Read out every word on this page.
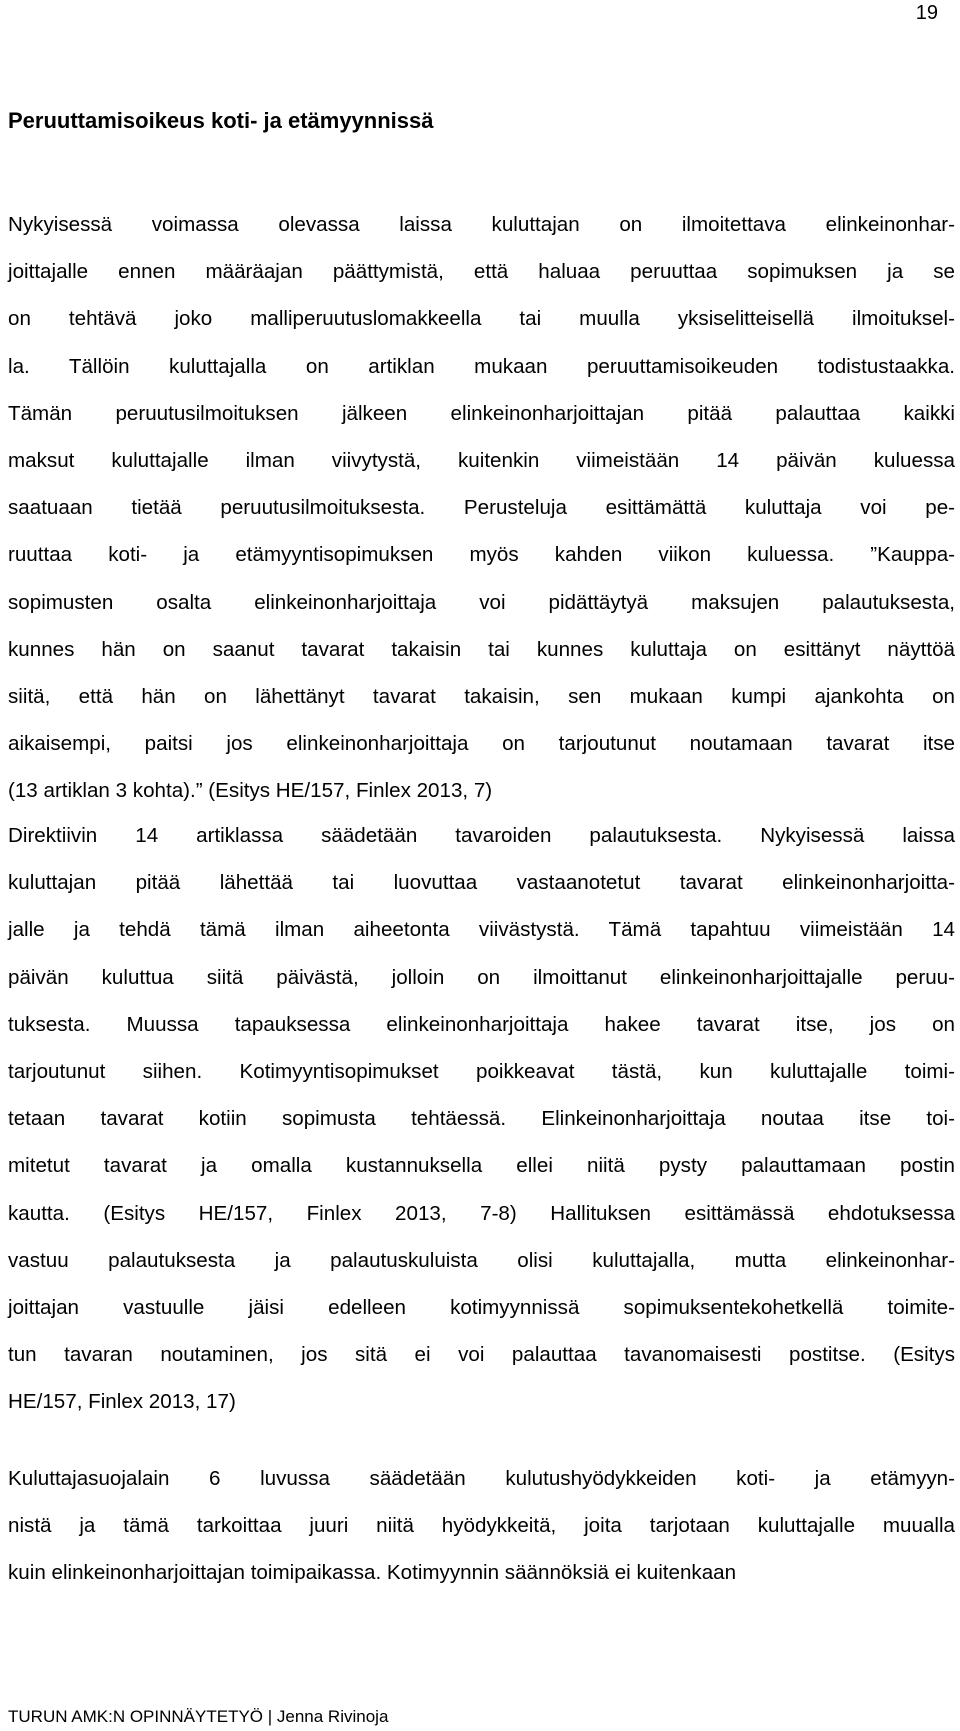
19
Peruuttamisoikeus koti- ja etämyynnissä
Nykyisessä voimassa olevassa laissa kuluttajan on ilmoitettava elinkeinonhar-
joittajalle ennen määräajan päättymistä, että haluaa peruuttaa sopimuksen ja se
on tehtävä joko malliperuutuslomakkeella tai muulla yksiselitteisellä ilmoituksel-
la. Tällöin kuluttajalla on artiklan mukaan peruuttamisoikeuden todistustaakka.
Tämän peruutusilmoituksen jälkeen elinkeinonharjoittajan pitää palauttaa kaikki
maksut kuluttajalle ilman viivytystä, kuitenkin viimeistään 14 päivän kuluessa
saatuaan tietää peruutusilmoituksesta. Perusteluja esittämättä kuluttaja voi pe-
ruuttaa koti- ja etämyyntisopimuksen myös kahden viikon kuluessa. ”Kauppa-
sopimusten osalta elinkeinonharjoittaja voi pidättäytyä maksujen palautuksesta,
kunnes hän on saanut tavarat takaisin tai kunnes kuluttaja on esittänyt näyttöä
siitä, että hän on lähettänyt tavarat takaisin, sen mukaan kumpi ajankohta on
aikaisempi, paitsi jos elinkeinonharjoittaja on tarjoutunut noutamaan tavarat itse
(13 artiklan 3 kohta).” (Esitys HE/157, Finlex 2013, 7)
Direktiivin 14 artiklassa säädetään tavaroiden palautuksesta. Nykyisessä laissa
kuluttajan pitää lähettää tai luovuttaa vastaanotetut tavarat elinkeinonharjoitta-
jalle ja tehdä tämä ilman aiheetonta viivästystä. Tämä tapahtuu viimeistään 14
päivän kuluttua siitä päivästä, jolloin on ilmoittanut elinkeinonharjoittajalle peruu-
tuksesta. Muussa tapauksessa elinkeinonharjoittaja hakee tavarat itse, jos on
tarjoutunut siihen. Kotimyyntisopimukset poikkeavat tästä, kun kuluttajalle toimi-
tetaan tavarat kotiin sopimusta tehtäessä. Elinkeinonharjoittaja noutaa itse toi-
mitetut tavarat ja omalla kustannuksella ellei niitä pysty palauttamaan postin
kautta. (Esitys HE/157, Finlex 2013, 7-8) Hallituksen esittämässä ehdotuksessa
vastuu palautuksesta ja palautuskuluista olisi kuluttajalla, mutta elinkeinonhar-
joittajan vastuulle jäisi edelleen kotimyynnissä sopimuksentekohetkellä toimite-
tun tavaran noutaminen, jos sitä ei voi palauttaa tavanomaisesti postitse. (Esitys
HE/157, Finlex 2013, 17)
Kuluttajasuojalain 6 luvussa säädetään kulutushyödykkeiden koti- ja etämyyn-
nistä ja tämä tarkoittaa juuri niitä hyödykkeitä, joita tarjotaan kuluttajalle muualla
kuin elinkeinonharjoittajan toimipaikassa. Kotimyynnin säännöksiä ei kuitenkaan
TURUN AMK:N OPINNÄYTETYÖ | Jenna Rivinoja
